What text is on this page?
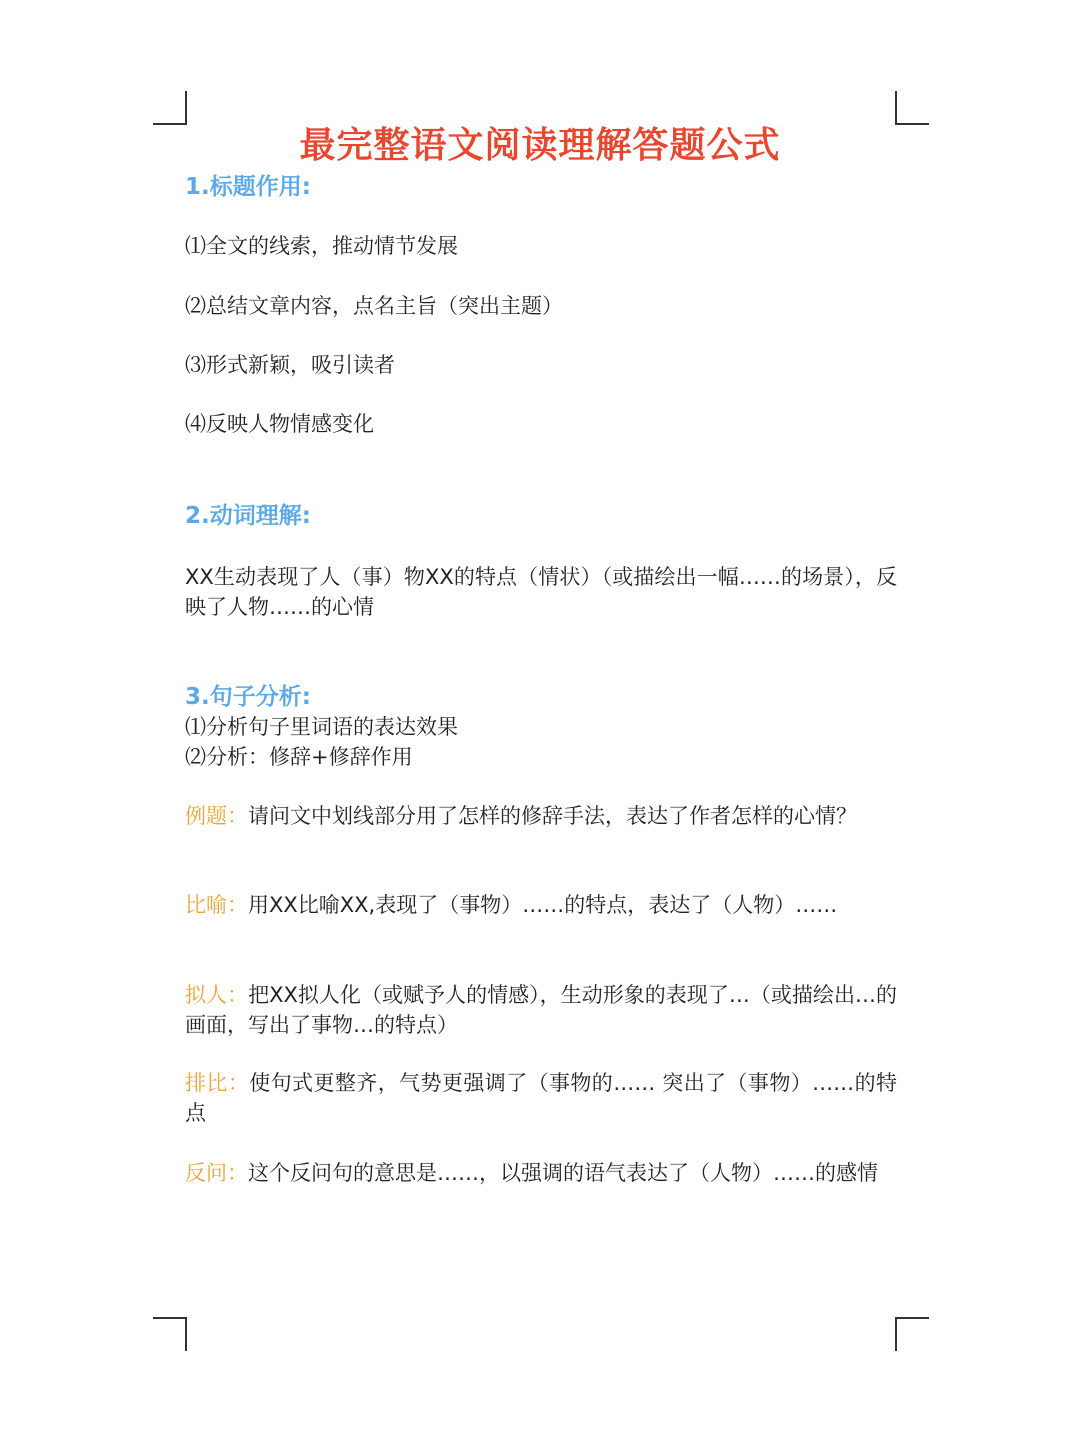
最完整语文阅读理解答题公式
1.标题作用:
⑴全文的线索，推动情节发展
⑵总结文章内容，点名主旨（突出主题）
⑶形式新颖，吸引读者
⑷反映人物情感变化
2.动词理解:
XX生动表现了人（事）物XX的特点（情状）（或描绘出一幅……的场景），反映了人物……的心情
3.句子分析:
⑴分析句子里词语的表达效果
⑵分析：修辞+修辞作用
例题：请问文中划线部分用了怎样的修辞手法，表达了作者怎样的心情？
比喻：用XX比喻XX,表现了（事物）……的特点，表达了（人物）……
拟人：把XX拟人化（或赋予人的情感），生动形象的表现了…（或描绘出…的画面，写出了事物…的特点）
排比：使句式更整齐，气势更强调了（事物的…… 突出了（事物）……的特点
反问：这个反问句的意思是……，以强调的语气表达了（人物）……的感情
